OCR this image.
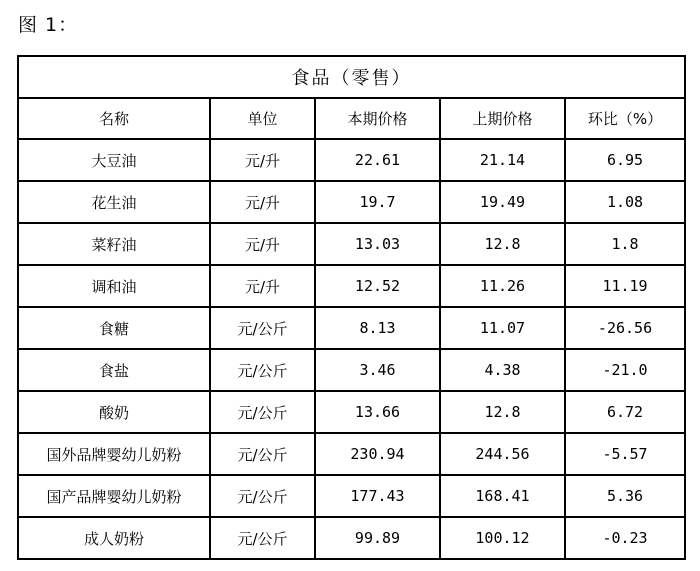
图 1：
食品（零售）				
名称	单位	本期价格	上期价格	环比（%）
大豆油	元/升	22.61	21.14	6.95
花生油	元/升	19.7	19.49	1.08
菜籽油	元/升	13.03	12.8	1.8
调和油	元/升	12.52	11.26	11.19
食糖	元/公斤	8.13	11.07	-26.56
食盐	元/公斤	3.46	4.38	-21.0
酸奶	元/公斤	13.66	12.8	6.72
国外品牌婴幼儿奶粉	元/公斤	230.94	244.56	-5.57
国产品牌婴幼儿奶粉	元/公斤	177.43	168.41	5.36
成人奶粉	元/公斤	99.89	100.12	-0.23
